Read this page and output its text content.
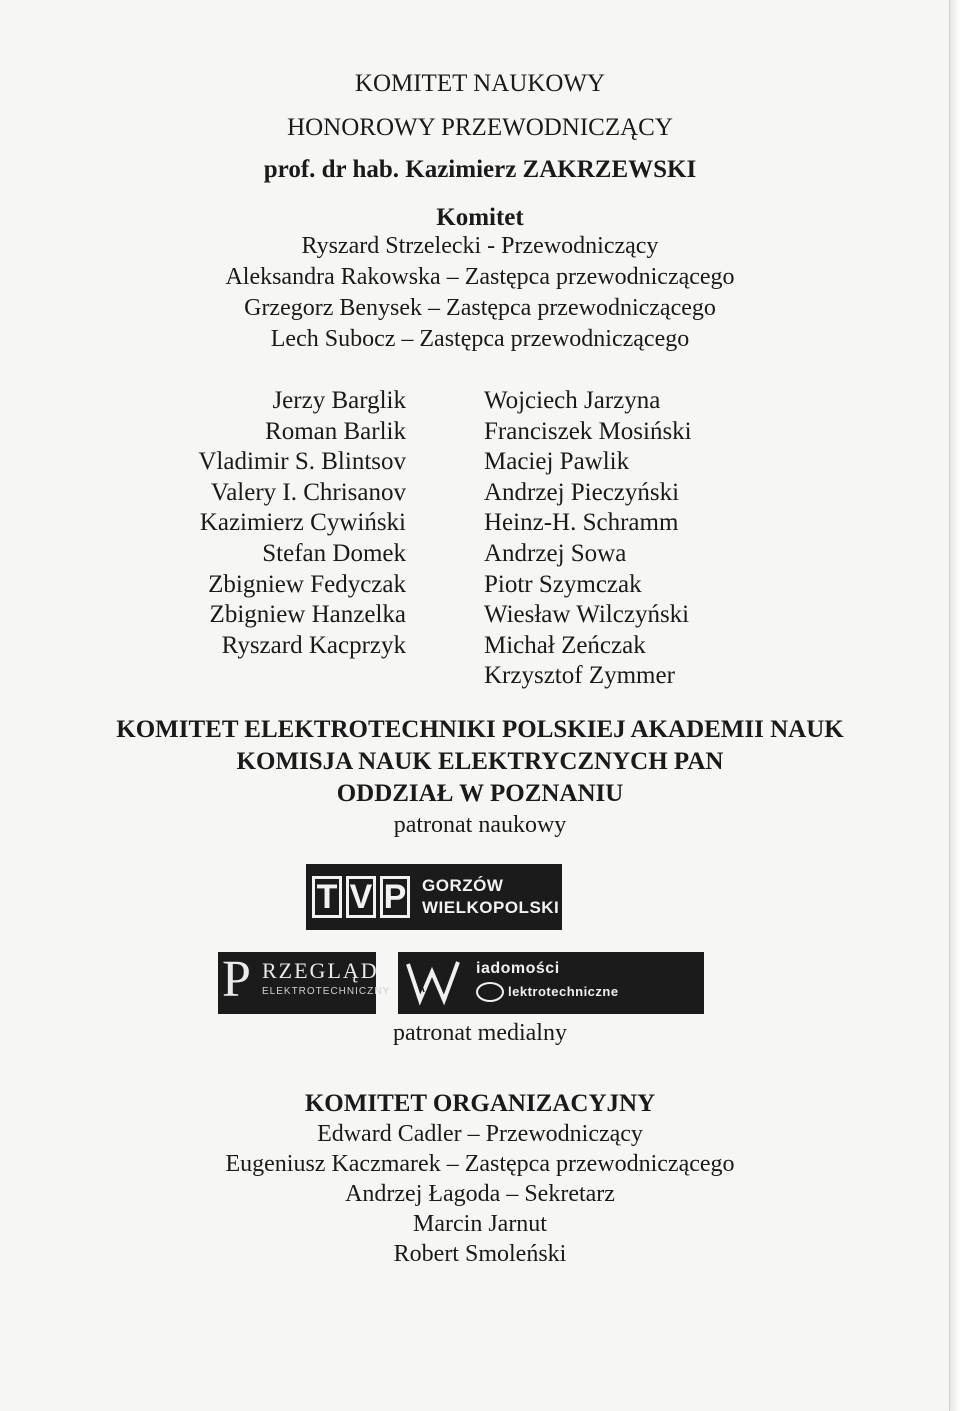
KOMITET NAUKOWY
HONOROWY PRZEWODNICZĄCY
prof. dr hab. Kazimierz ZAKRZEWSKI
Komitet
Ryszard Strzelecki - Przewodniczący
Aleksandra Rakowska – Zastępca przewodniczącego
Grzegorz Benysek – Zastępca przewodniczącego
Lech Subocz – Zastępca przewodniczącego
Jerzy Barglik
Roman Barlik
Vladimir S. Blintsov
Valery I. Chrisanov
Kazimierz Cywiński
Stefan Domek
Zbigniew Fedyczak
Zbigniew Hanzelka
Ryszard Kacprzyk
Wojciech Jarzyna
Franciszek Mosiński
Maciej Pawlik
Andrzej Pieczyński
Heinz-H. Schramm
Andrzej Sowa
Piotr Szymczak
Wiesław Wilczyński
Michał Zeńczak
Krzysztof Zymmer
KOMITET ELEKTROTECHNIKI POLSKIEJ AKADEMII NAUK
KOMISJA NAUK ELEKTRYCZNYCH PAN
ODDZIAŁ W POZNANIU
patronat naukowy
T V P GORZÓW
WIELKOPOLSKI
P RZEGLĄD
ELEKTROTECHNICZNY
iadomości
lektrotechniczne
patronat medialny
KOMITET ORGANIZACYJNY
Edward Cadler – Przewodniczący
Eugeniusz Kaczmarek – Zastępca przewodniczącego
Andrzej Łagoda – Sekretarz
Marcin Jarnut
Robert Smoleński
